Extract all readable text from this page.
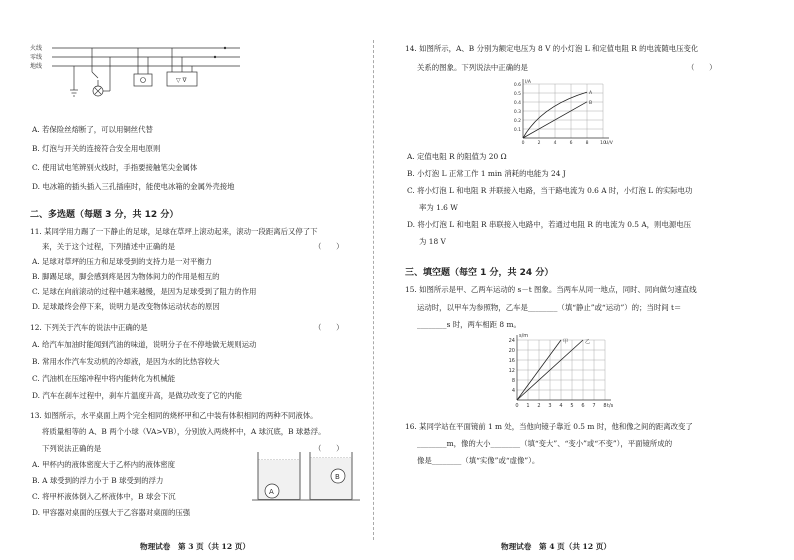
火线
零线
地线
▽ ∇
A. 若保险丝熔断了，可以用铜丝代替
B. 灯泡与开关的连接符合安全用电原则
C. 使用试电笔辨别火线时，手指要接触笔尖金属体
D. 电冰箱的插头插入三孔插座时，能使电冰箱的金属外壳接地
二、多选题（每题 3 分，共 12 分）
11. 某同学用力踢了一下静止的足球，足球在草坪上滚动起来，滚动一段距离后又停了下
来，关于这个过程，下列描述中正确的是	（　　）
A. 足球对草坪的压力和足球受到的支持力是一对平衡力
B. 脚踢足球，脚会感到疼是因为物体间力的作用是相互的
C. 足球在向前滚动的过程中越来越慢，是因为足球受到了阻力的作用
D. 足球最终会停下来，说明力是改变物体运动状态的原因
12. 下列关于汽车的说法中正确的是	（　　）
A. 给汽车加油时能闻到汽油的味道，说明分子在不停地做无规则运动
B. 常用水作汽车发动机的冷却液，是因为水的比热容较大
C. 汽油机在压缩冲程中将内能转化为机械能
D. 汽车在刹车过程中，刹车片温度升高，是做功改变了它的内能
13. 如图所示，水平桌面上两个完全相同的烧杯甲和乙中装有体积相同的两种不同液体。
将质量相等的 A、B 两个小球（VA>VB），分别放入两烧杯中，A 球沉底，B 球悬浮。
下列说法正确的是	（　　）
A. 甲杯内的液体密度大于乙杯内的液体密度
B. A 球受到的浮力小于 B 球受到的浮力
C. 将甲杯液体倒入乙杯液体中，B 球会下沉
D. 甲容器对桌面的压强大于乙容器对桌面的压强
A
B
物理试卷　第 3 页（共 12 页）
14. 如图所示，A、B 分别为额定电压为 8 V 的小灯泡 L 和定值电阻 R 的电流随电压变化
关系的图象。下列说法中正确的是	（　　）
0.6
0.5
0.4
0.3
0.2
0.1
0	2	4	6	8	10
I/A
U/V
A
B
A. 定值电阻 R 的阻值为 20 Ω
B. 小灯泡 L 正常工作 1 min 消耗的电能为 24 J
C. 将小灯泡 L 和电阻 R 并联接入电路，当干路电流为 0.6 A 时，小灯泡 L 的实际电功
率为 1.6 W
D. 将小灯泡 L 和电阻 R 串联接入电路中，若通过电阻 R 的电流为 0.5 A，则电源电压
为 18 V
三、填空题（每空 1 分，共 24 分）
15. 如图所示是甲、乙两车运动的 s－t 图象。当两车从同一地点，同时、同向做匀速直线
运动时，以甲车为参照物，乙车是________（填“静止”或“运动”）的；当时间 t＝
________s 时，两车相距 8 m。
24
20
16
12
8
4
0 1 2 3 4 5 6 7 8
s/m
t/s
甲	乙
16. 某同学站在平面镜前 1 m 处，当他向镜子靠近 0.5 m 时，他和像之间的距离改变了
________m，像的大小________（填“变大”、“变小”或“不变”），平面镜所成的
像是________（填“实像”或“虚像”）。
物理试卷　第 4 页（共 12 页）
